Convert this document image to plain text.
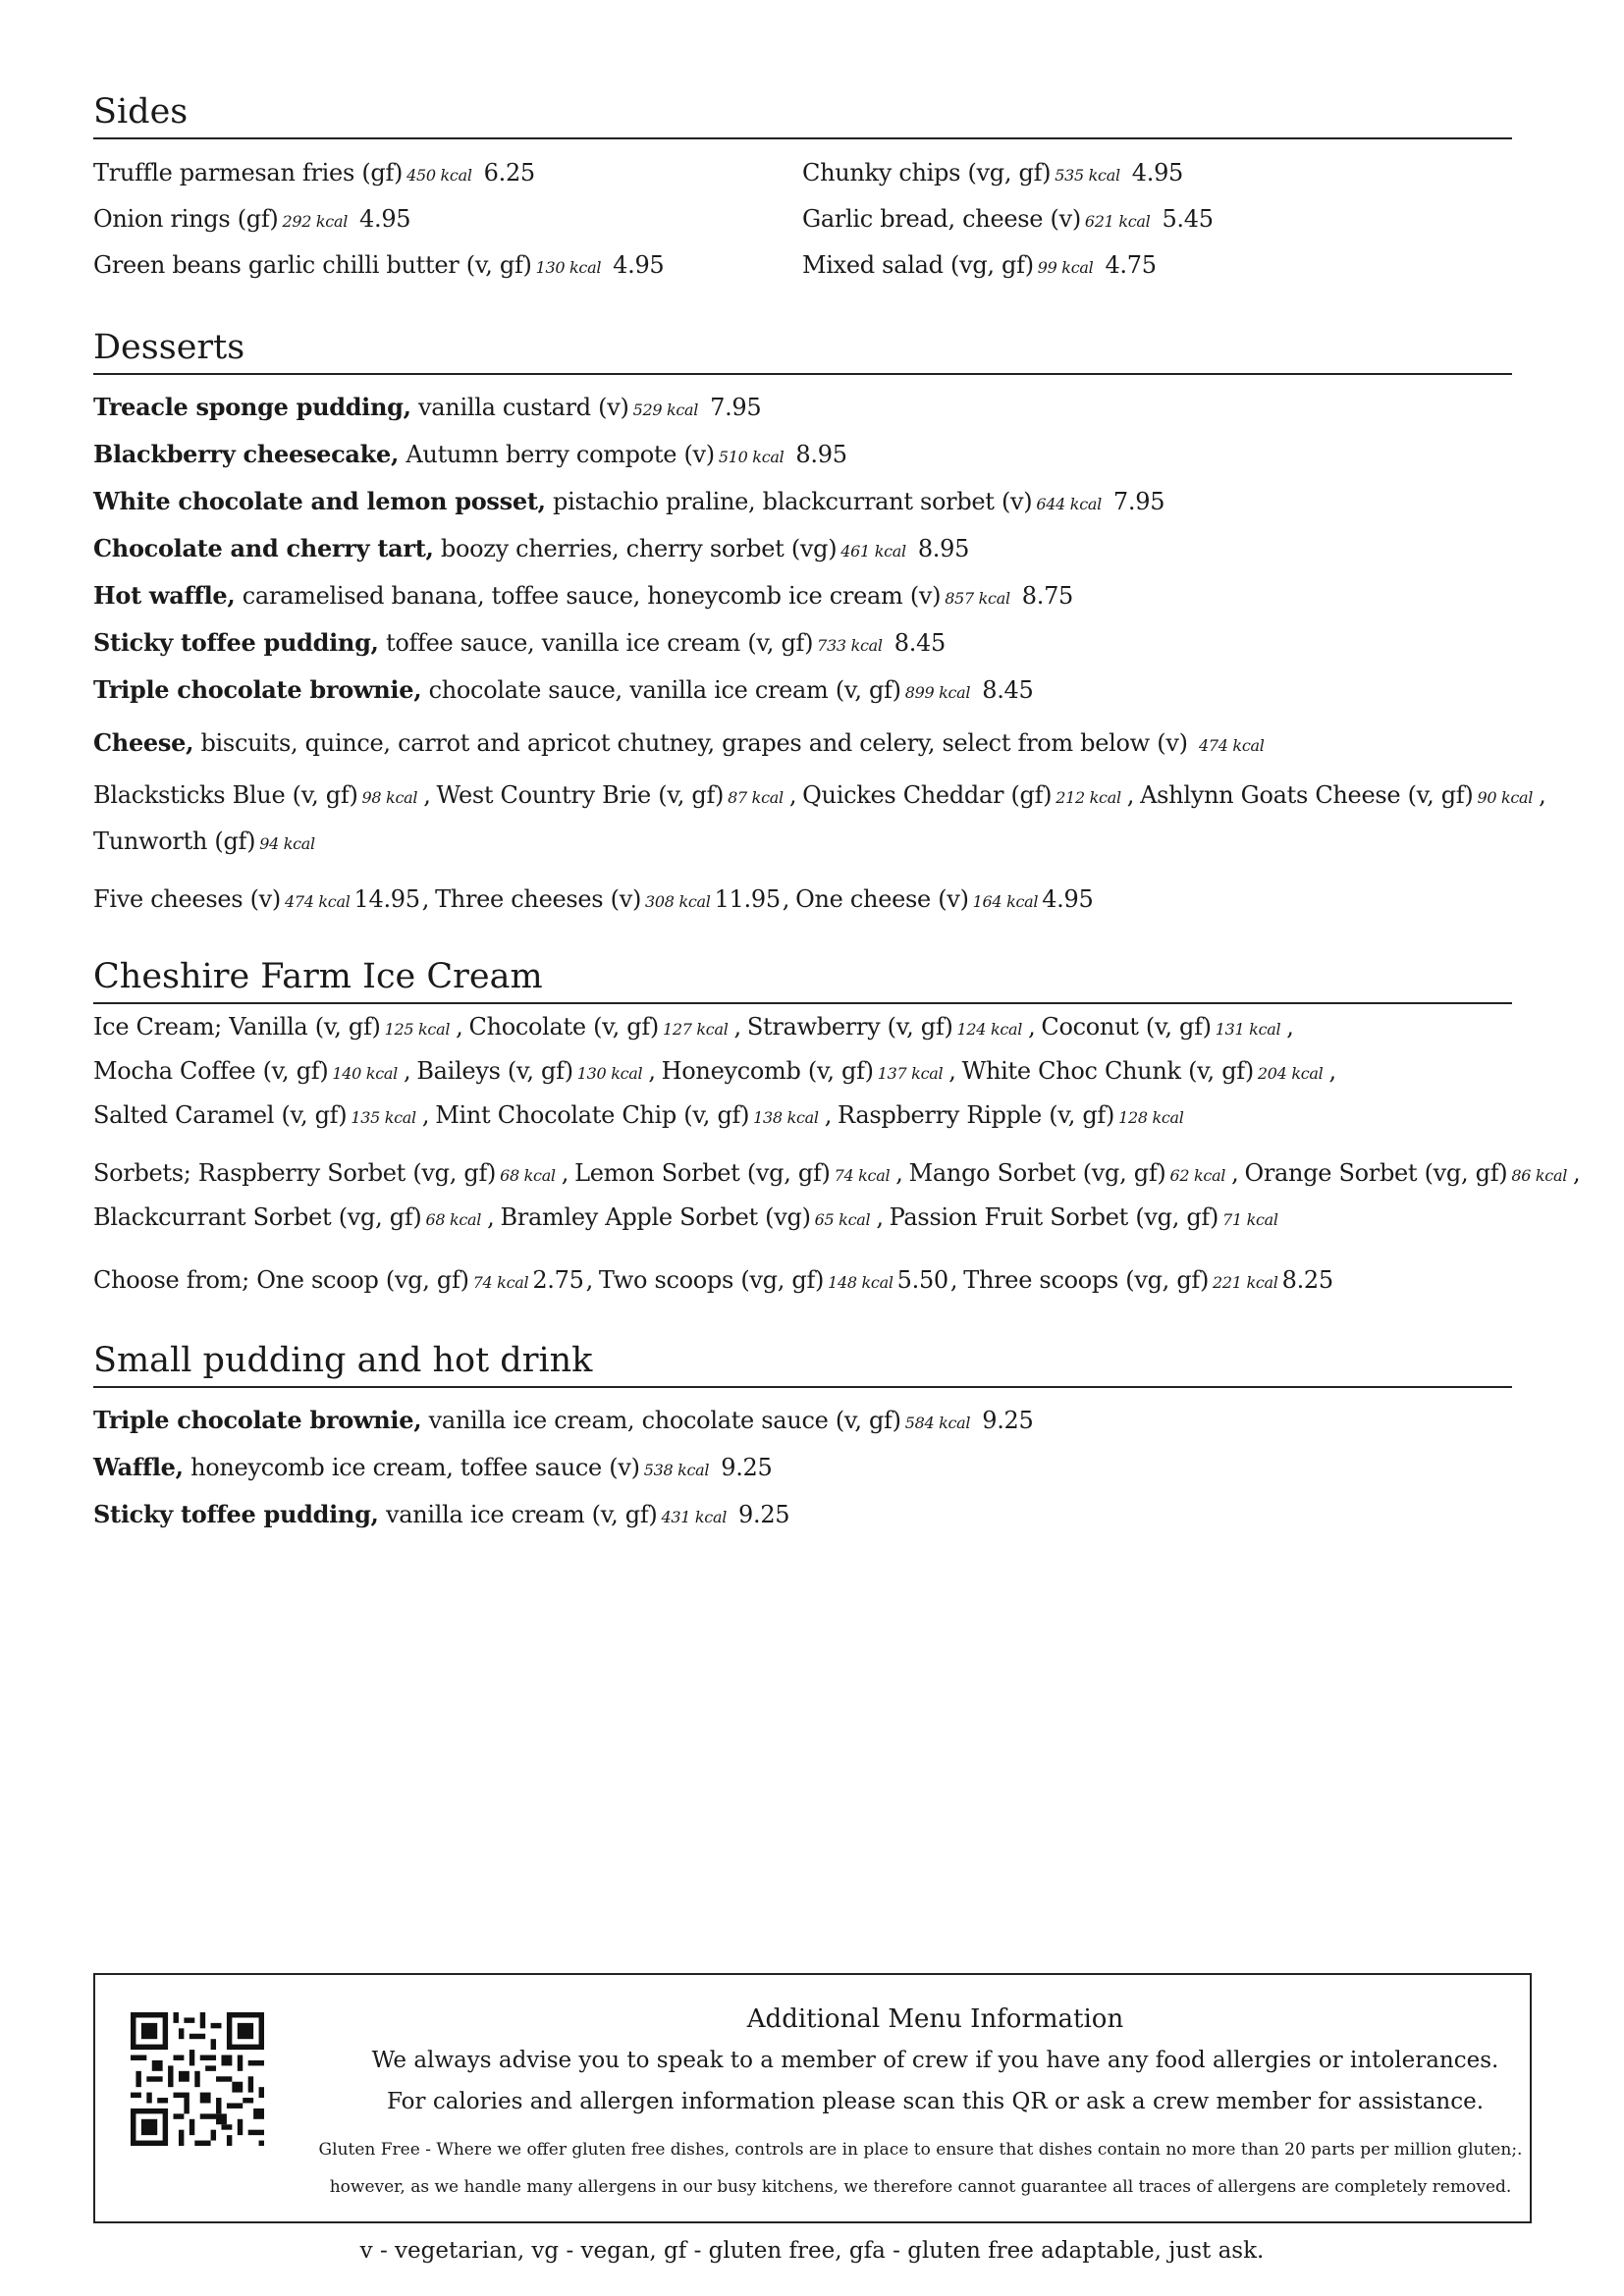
Sides
Truffle parmesan fries (gf) 450 kcal 6.25
Onion rings (gf) 292 kcal 4.95
Green beans garlic chilli butter (v, gf) 130 kcal 4.95
Chunky chips (vg, gf) 535 kcal 4.95
Garlic bread, cheese (v) 621 kcal 5.45
Mixed salad (vg, gf) 99 kcal 4.75
Desserts
Treacle sponge pudding, vanilla custard (v) 529 kcal 7.95
Blackberry cheesecake, Autumn berry compote (v) 510 kcal 8.95
White chocolate and lemon posset, pistachio praline, blackcurrant sorbet (v) 644 kcal 7.95
Chocolate and cherry tart, boozy cherries, cherry sorbet (vg) 461 kcal 8.95
Hot waffle, caramelised banana, toffee sauce, honeycomb ice cream (v) 857 kcal 8.75
Sticky toffee pudding, toffee sauce, vanilla ice cream (v, gf) 733 kcal 8.45
Triple chocolate brownie, chocolate sauce, vanilla ice cream (v, gf) 899 kcal 8.45
Cheese, biscuits, quince, carrot and apricot chutney, grapes and celery, select from below (v) 474 kcal
Blacksticks Blue (v, gf) 98 kcal , West Country Brie (v, gf) 87 kcal , Quickes Cheddar (gf) 212 kcal , Ashlynn Goats Cheese (v, gf) 90 kcal ,
Tunworth (gf) 94 kcal
Five cheeses (v) 474 kcal 14.95, Three cheeses (v) 308 kcal 11.95, One cheese (v) 164 kcal 4.95
Cheshire Farm Ice Cream
Ice Cream; Vanilla (v, gf) 125 kcal , Chocolate (v, gf) 127 kcal , Strawberry (v, gf) 124 kcal , Coconut (v, gf) 131 kcal ,
Mocha Coffee (v, gf) 140 kcal , Baileys (v, gf) 130 kcal , Honeycomb (v, gf) 137 kcal , White Choc Chunk (v, gf) 204 kcal ,
Salted Caramel (v, gf) 135 kcal , Mint Chocolate Chip (v, gf) 138 kcal , Raspberry Ripple (v, gf) 128 kcal
Sorbets; Raspberry Sorbet (vg, gf) 68 kcal , Lemon Sorbet (vg, gf) 74 kcal , Mango Sorbet (vg, gf) 62 kcal , Orange Sorbet (vg, gf) 86 kcal ,
Blackcurrant Sorbet (vg, gf) 68 kcal , Bramley Apple Sorbet (vg) 65 kcal , Passion Fruit Sorbet (vg, gf) 71 kcal
Choose from; One scoop (vg, gf) 74 kcal 2.75, Two scoops (vg, gf) 148 kcal 5.50, Three scoops (vg, gf) 221 kcal 8.25
Small pudding and hot drink
Triple chocolate brownie, vanilla ice cream, chocolate sauce (v, gf) 584 kcal 9.25
Waffle, honeycomb ice cream, toffee sauce (v) 538 kcal 9.25
Sticky toffee pudding, vanilla ice cream (v, gf) 431 kcal 9.25
Additional Menu Information
We always advise you to speak to a member of crew if you have any food allergies or intolerances.
For calories and allergen information please scan this QR or ask a crew member for assistance.
Gluten Free - Where we offer gluten free dishes, controls are in place to ensure that dishes contain no more than 20 parts per million gluten;.
however, as we handle many allergens in our busy kitchens, we therefore cannot guarantee all traces of allergens are completely removed.
v - vegetarian, vg - vegan, gf - gluten free, gfa - gluten free adaptable, just ask.
